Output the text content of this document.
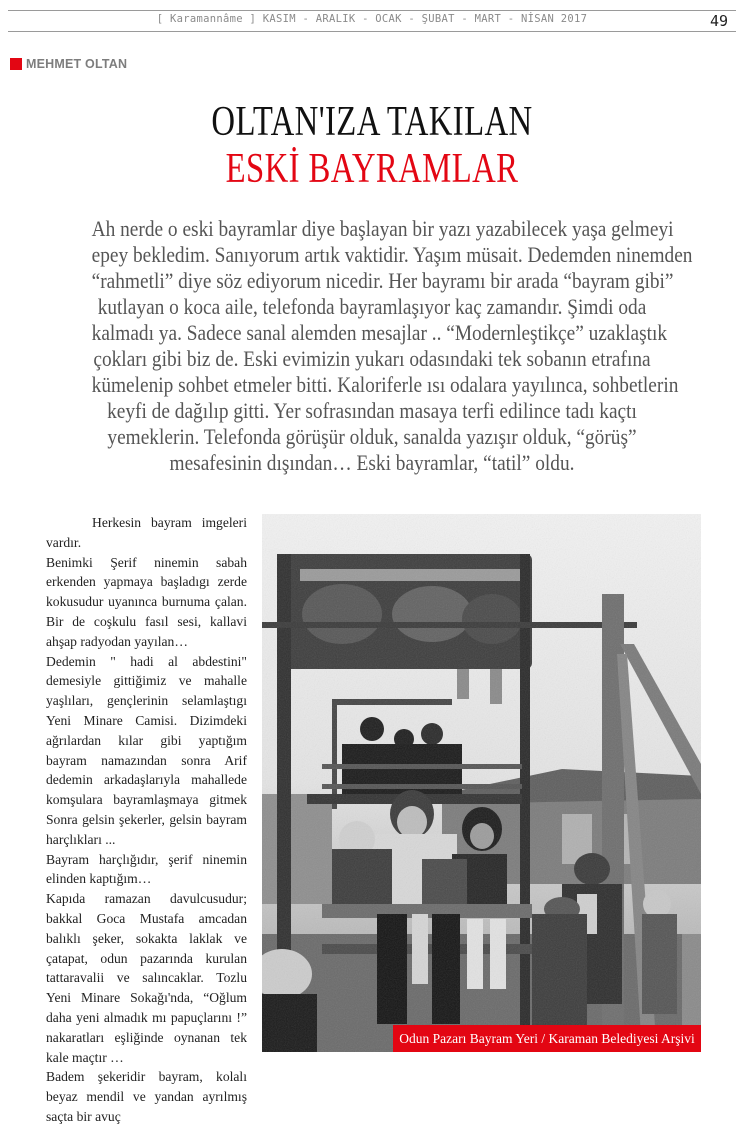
[ Karamannâme ] KASIM - ARALIK - OCAK - ŞUBAT - MART - NİSAN 2017	49
MEHMET OLTAN
OLTAN'IZA TAKILAN
ESKİ BAYRAMLAR
Ah nerde o eski bayramlar diye başlayan bir yazı yazabilecek yaşa gelmeyi
epey bekledim. Sanıyorum artık vaktidir. Yaşım müsait. Dedemden ninemden
“rahmetli” diye söz ediyorum nicedir. Her bayramı bir arada “bayram gibi”
kutlayan o koca aile, telefonda bayramlaşıyor kaç zamandır. Şimdi oda
kalmadı ya. Sadece sanal alemden mesajlar .. “Modernleştikçe” uzaklaştık
çokları gibi biz de. Eski evimizin yukarı odasındaki tek sobanın etrafına
kümelenip sohbet etmeler bitti. Kaloriferle ısı odalara yayılınca, sohbetlerin
keyfi de dağılıp gitti. Yer sofrasından masaya terfi edilince tadı kaçtı
yemeklerin. Telefonda görüşür olduk, sanalda yazışır olduk, “görüş”
mesafesinin dışından… Eski bayramlar, “tatil” oldu.

Herkesin bayram imgeleri vardır.

Benimki Şerif ninemin sabah erkenden yapmaya başladıgı zerde kokusudur uyanınca burnuma çalan. Bir de coşkulu fasıl sesi, kallavi ahşap radyodan yayılan…

Dedemin " hadi al abdestini" demesiyle gittiğimiz ve mahalle yaşlıları, gençlerinin selamlaştıgı Yeni Minare Camisi. Dizimdeki ağrılardan kılar gibi yaptığım bayram namazından sonra Arif dedemin arkadaşlarıyla mahallede komşulara bayramlaşmaya gitmek Sonra gelsin şekerler, gelsin bayram harçlıkları ...

Bayram harçlığıdır, şerif ninemin elinden kaptığım…

Kapıda ramazan davulcusudur; bakkal Goca Mustafa amcadan balıklı şeker, sokakta laklak ve çatapat, odun pazarında kurulan tattaravalii ve salıncaklar. Tozlu Yeni Minare Sokağı'nda, “Oğlum daha yeni almadık mı papuçlarını !” nakaratları eşliğinde oynanan tek kale maçtır …

Badem şekeridir bayram, kolalı beyaz mendil ve yandan ayrılmış saçta bir avuç

Odun Pazarı Bayram Yeri / Karaman Belediyesi Arşivi
